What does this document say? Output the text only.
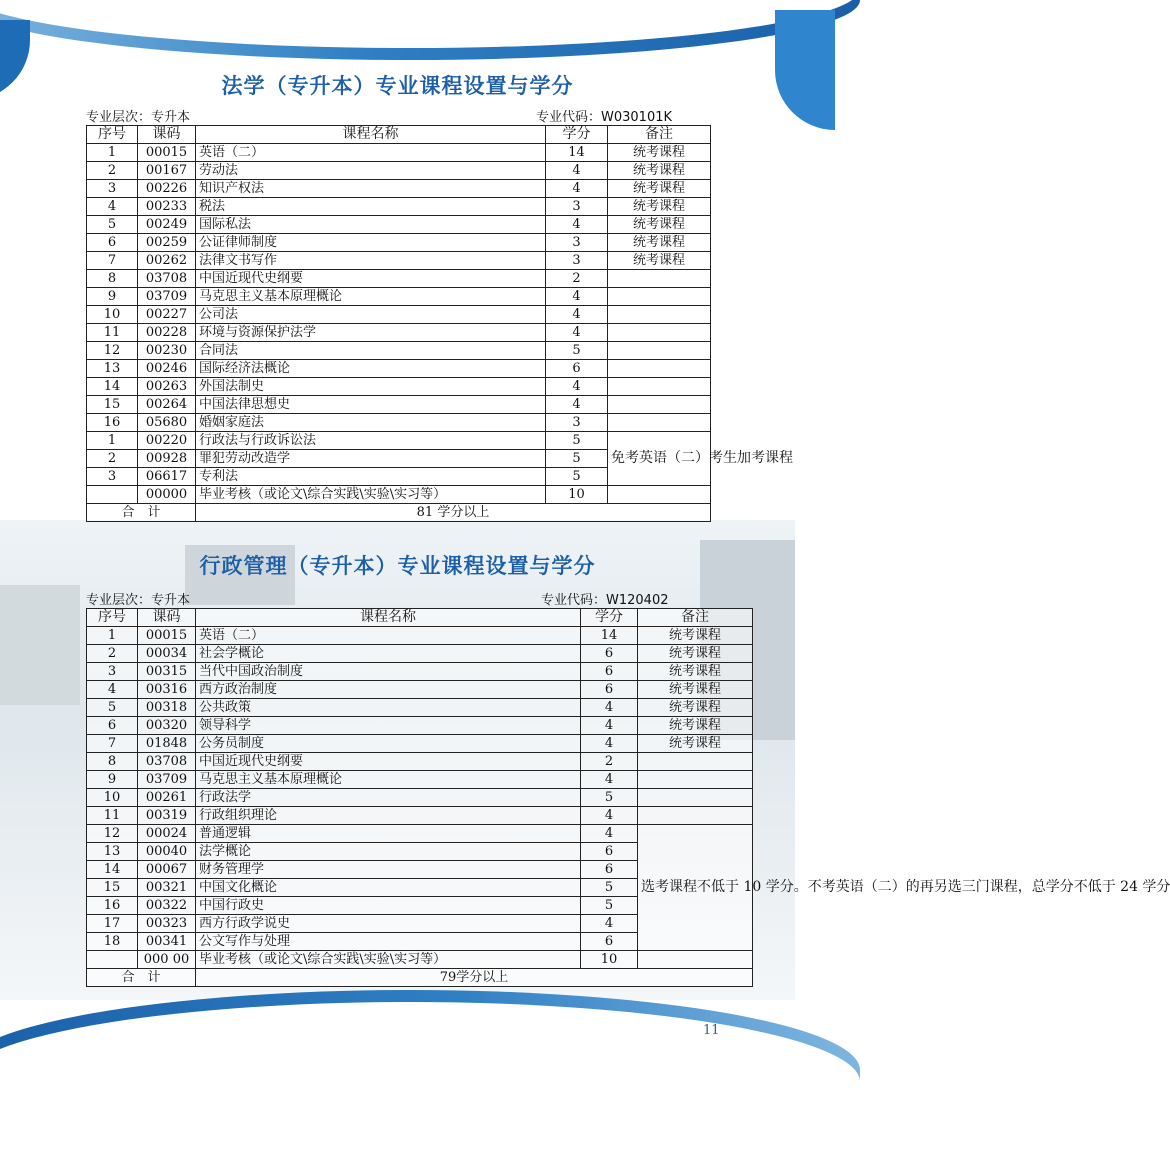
法学（专升本）专业课程设置与学分
专业层次：专升本	专业代码：W030101K
序号	课码	课程名称	学分	备注
1	00015	英语（二）	14	统考课程
2	00167	劳动法	4	统考课程
3	00226	知识产权法	4	统考课程
4	00233	税法	3	统考课程
5	00249	国际私法	4	统考课程
6	00259	公证律师制度	3	统考课程
7	00262	法律文书写作	3	统考课程
8	03708	中国近现代史纲要	2	
9	03709	马克思主义基本原理概论	4	
10	00227	公司法	4	
11	00228	环境与资源保护法学	4	
12	00230	合同法	5	
13	00246	国际经济法概论	6	
14	00263	外国法制史	4	
15	00264	中国法律思想史	4	
16	05680	婚姻家庭法	3	
1	00220	行政法与行政诉讼法	5	免考英语（二）考生加考课程
2	00928	罪犯劳动改造学	5	
3	06617	专利法	5	
	00000	毕业考核（或论文\综合实践\实验\实习等）	10	
合　计		81 学分以上		
行政管理（专升本）专业课程设置与学分
专业层次：专升本	专业代码：W120402
序号	课码	课程名称	学分	备注
1	00015	英语（二）	14	统考课程
2	00034	社会学概论	6	统考课程
3	00315	当代中国政治制度	6	统考课程
4	00316	西方政治制度	6	统考课程
5	00318	公共政策	4	统考课程
6	00320	领导科学	4	统考课程
7	01848	公务员制度	4	统考课程
8	03708	中国近现代史纲要	2	
9	03709	马克思主义基本原理概论	4	
10	00261	行政法学	5	
11	00319	行政组织理论	4	
12	00024	普通逻辑	4	选考课程不低于 10 学分。不考英语（二）的再另选三门课程，总学分不低于 24 学分
13	00040	法学概论	6	
14	00067	财务管理学	6	
15	00321	中国文化概论	5	
16	00322	中国行政史	5	
17	00323	西方行政学说史	4	
18	00341	公文写作与处理	6	
	000 00	毕业考核（或论文\综合实践\实验\实习等）	10	
合　计		79学分以上		
11
